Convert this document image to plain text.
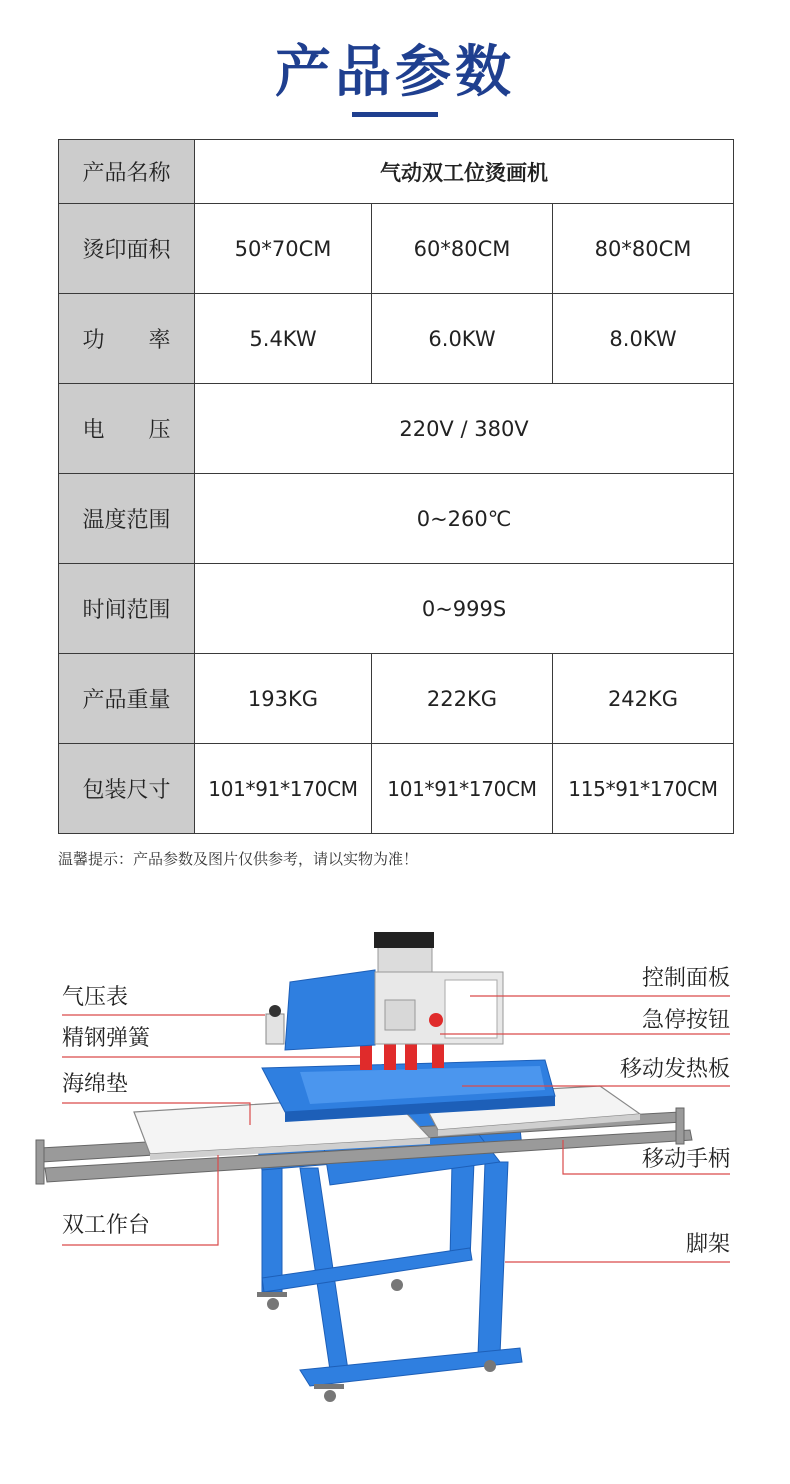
产品参数
产品名称	气动双工位烫画机		
烫印面积	50*70CM	60*80CM	80*80CM
功　　率	5.4KW	6.0KW	8.0KW
电　　压	220V / 380V		
温度范围	0~260℃		
时间范围	0~999S		
产品重量	193KG	222KG	242KG
包装尺寸	101*91*170CM	101*91*170CM	115*91*170CM
温馨提示：产品参数及图片仅供参考，请以实物为准！
气压表
精钢弹簧
海绵垫
双工作台
控制面板
急停按钮
移动发热板
移动手柄
脚架
